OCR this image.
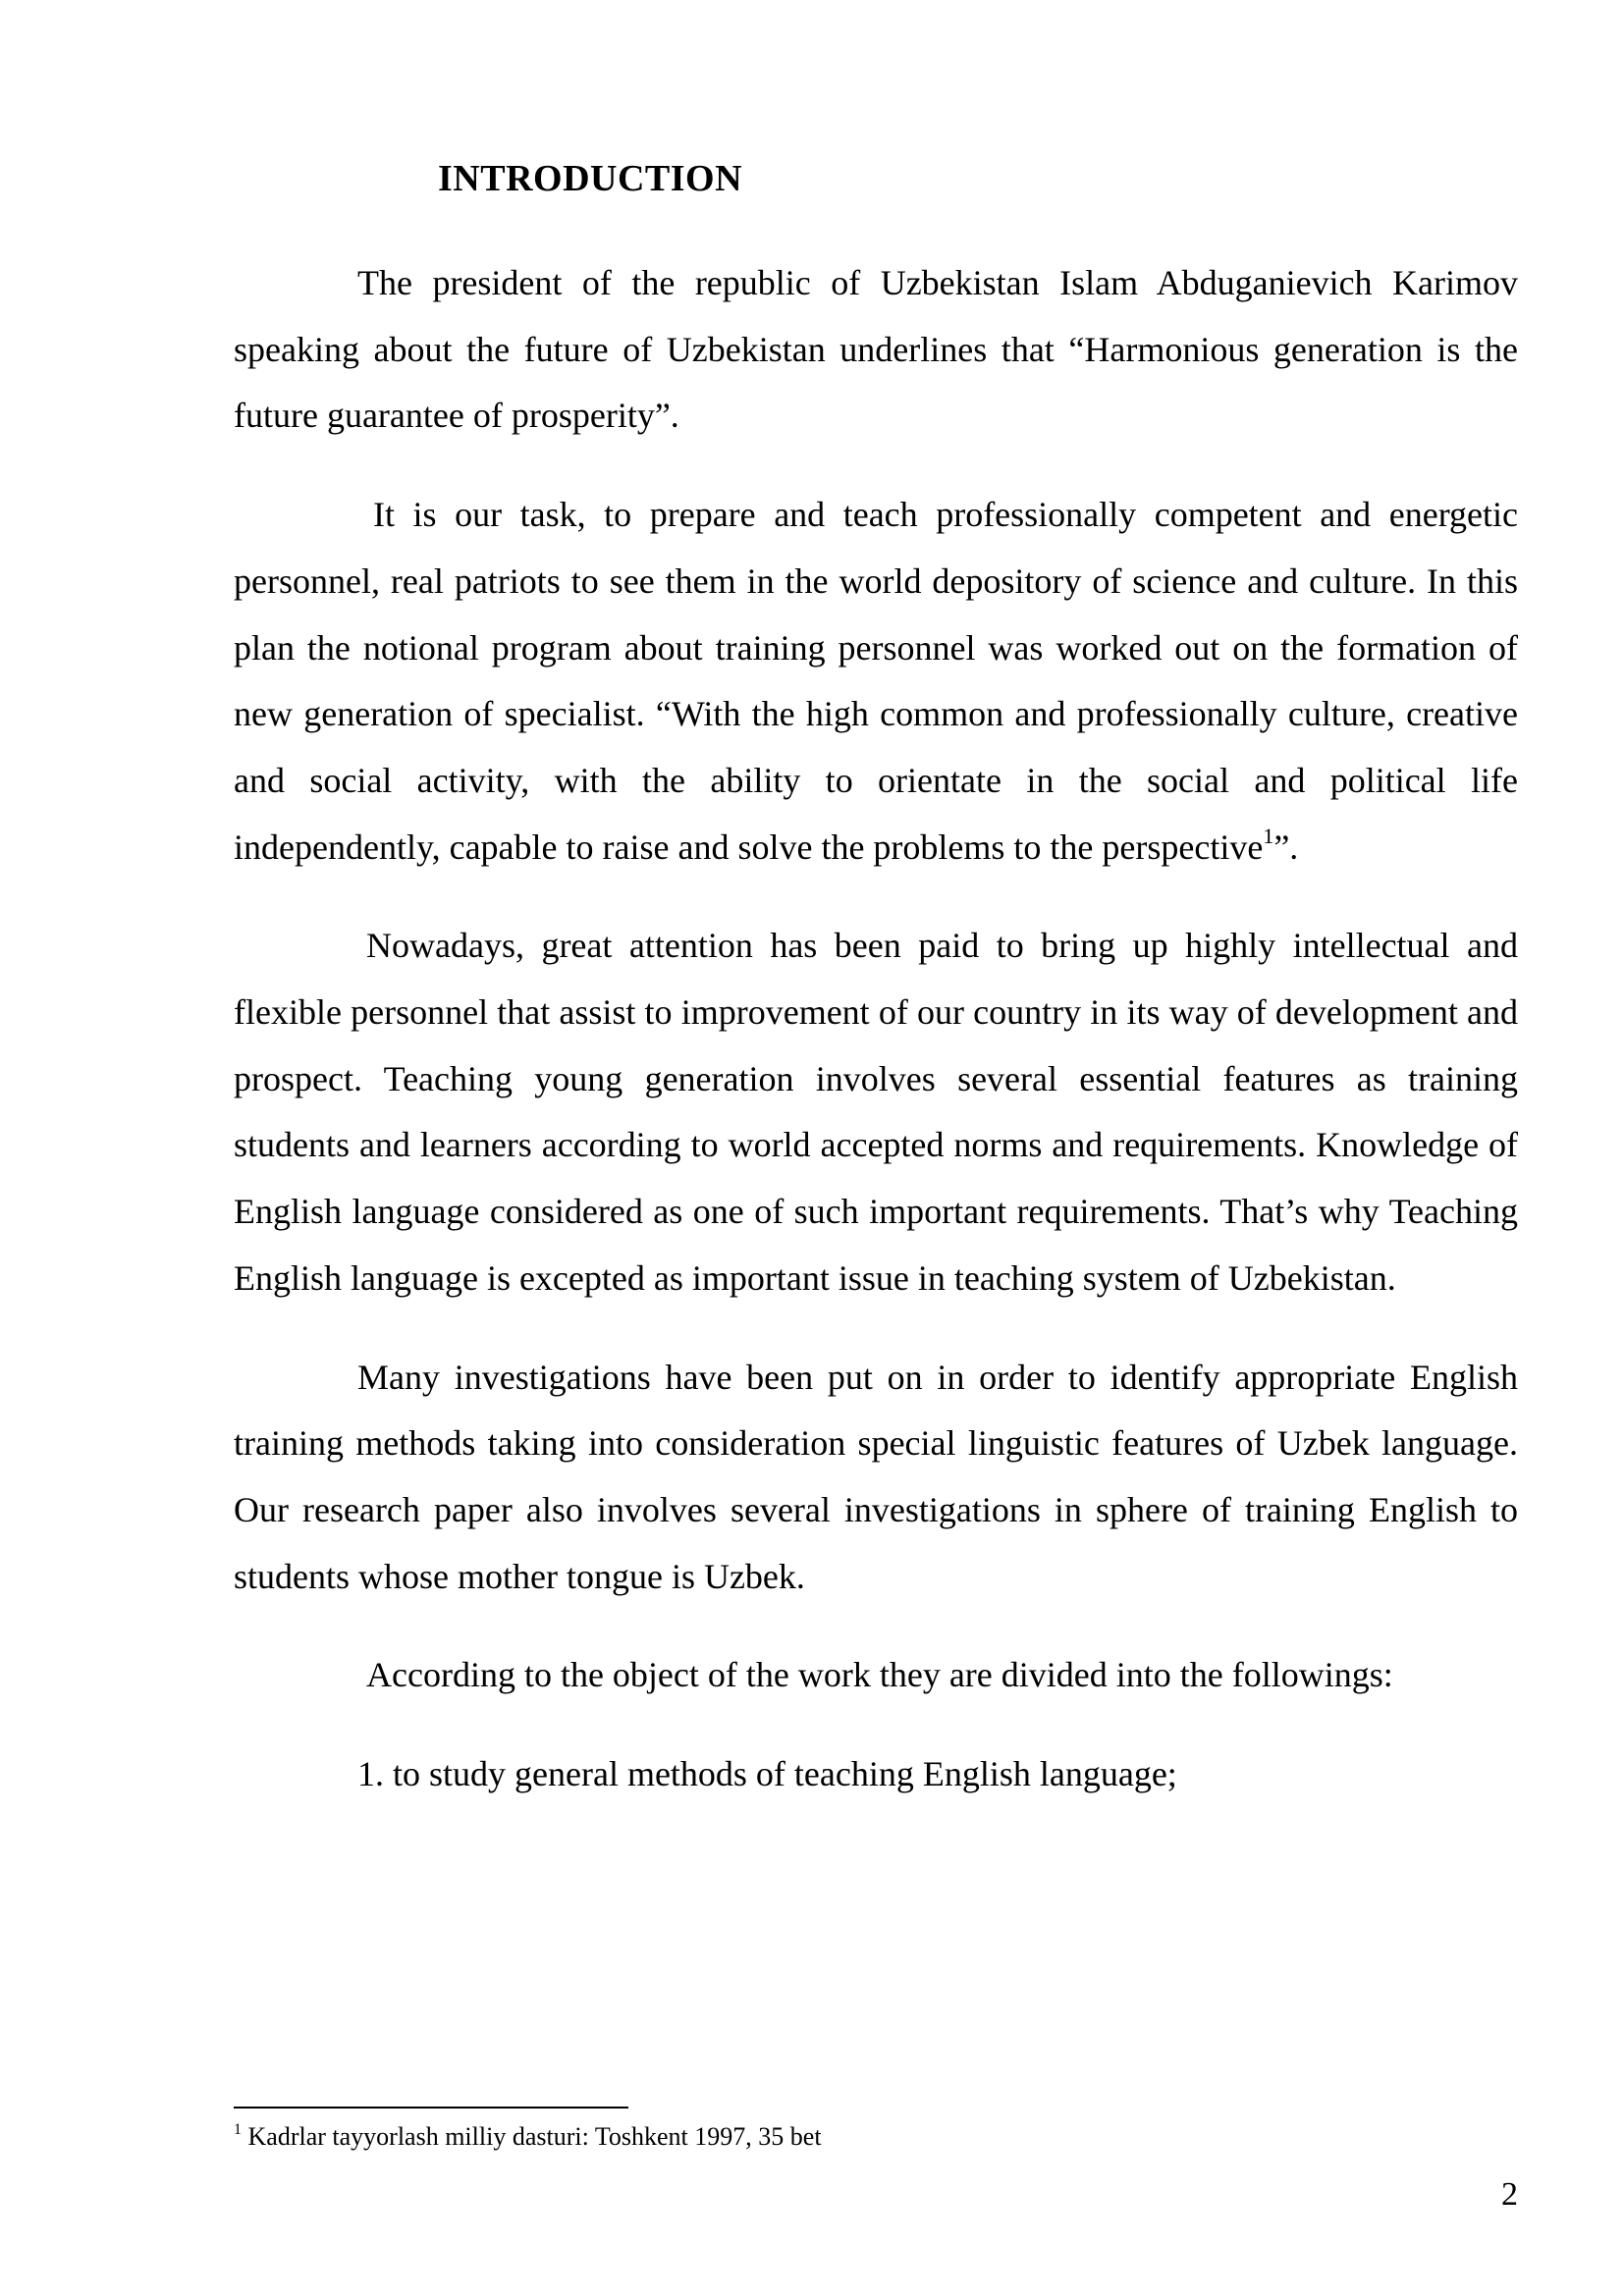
INTRODUCTION

The president of the republic of Uzbekistan Islam Abduganievich Karimov speaking about the future of Uzbekistan underlines that “Harmonious generation is the future guarantee of prosperity”.

It is our task, to prepare and teach professionally competent and energetic personnel, real patriots to see them in the world depository of science and culture. In this plan the notional program about training personnel was worked out on the formation of new generation of specialist. “With the high common and professionally culture, creative and social activity, with the ability to orientate in the social and political life independently, capable to raise and solve the problems to the perspective$^1$”.

Nowadays, great attention has been paid to bring up highly intellectual and flexible personnel that assist to improvement of our country in its way of development and prospect. Teaching young generation involves several essential features as training students and learners according to world accepted norms and requirements. Knowledge of English language considered as one of such important requirements. That’s why Teaching English language is excepted as important issue in teaching system of Uzbekistan.

Many investigations have been put on in order to identify appropriate English training methods taking into consideration special linguistic features of Uzbek language. Our research paper also involves several investigations in sphere of training English to students whose mother tongue is Uzbek.

According to the object of the work they are divided into the followings:

1. to study general methods of teaching English language;

$^1$ Kadrlar tayyorlash milliy dasturi: Toshkent 1997, 35 bet
2
